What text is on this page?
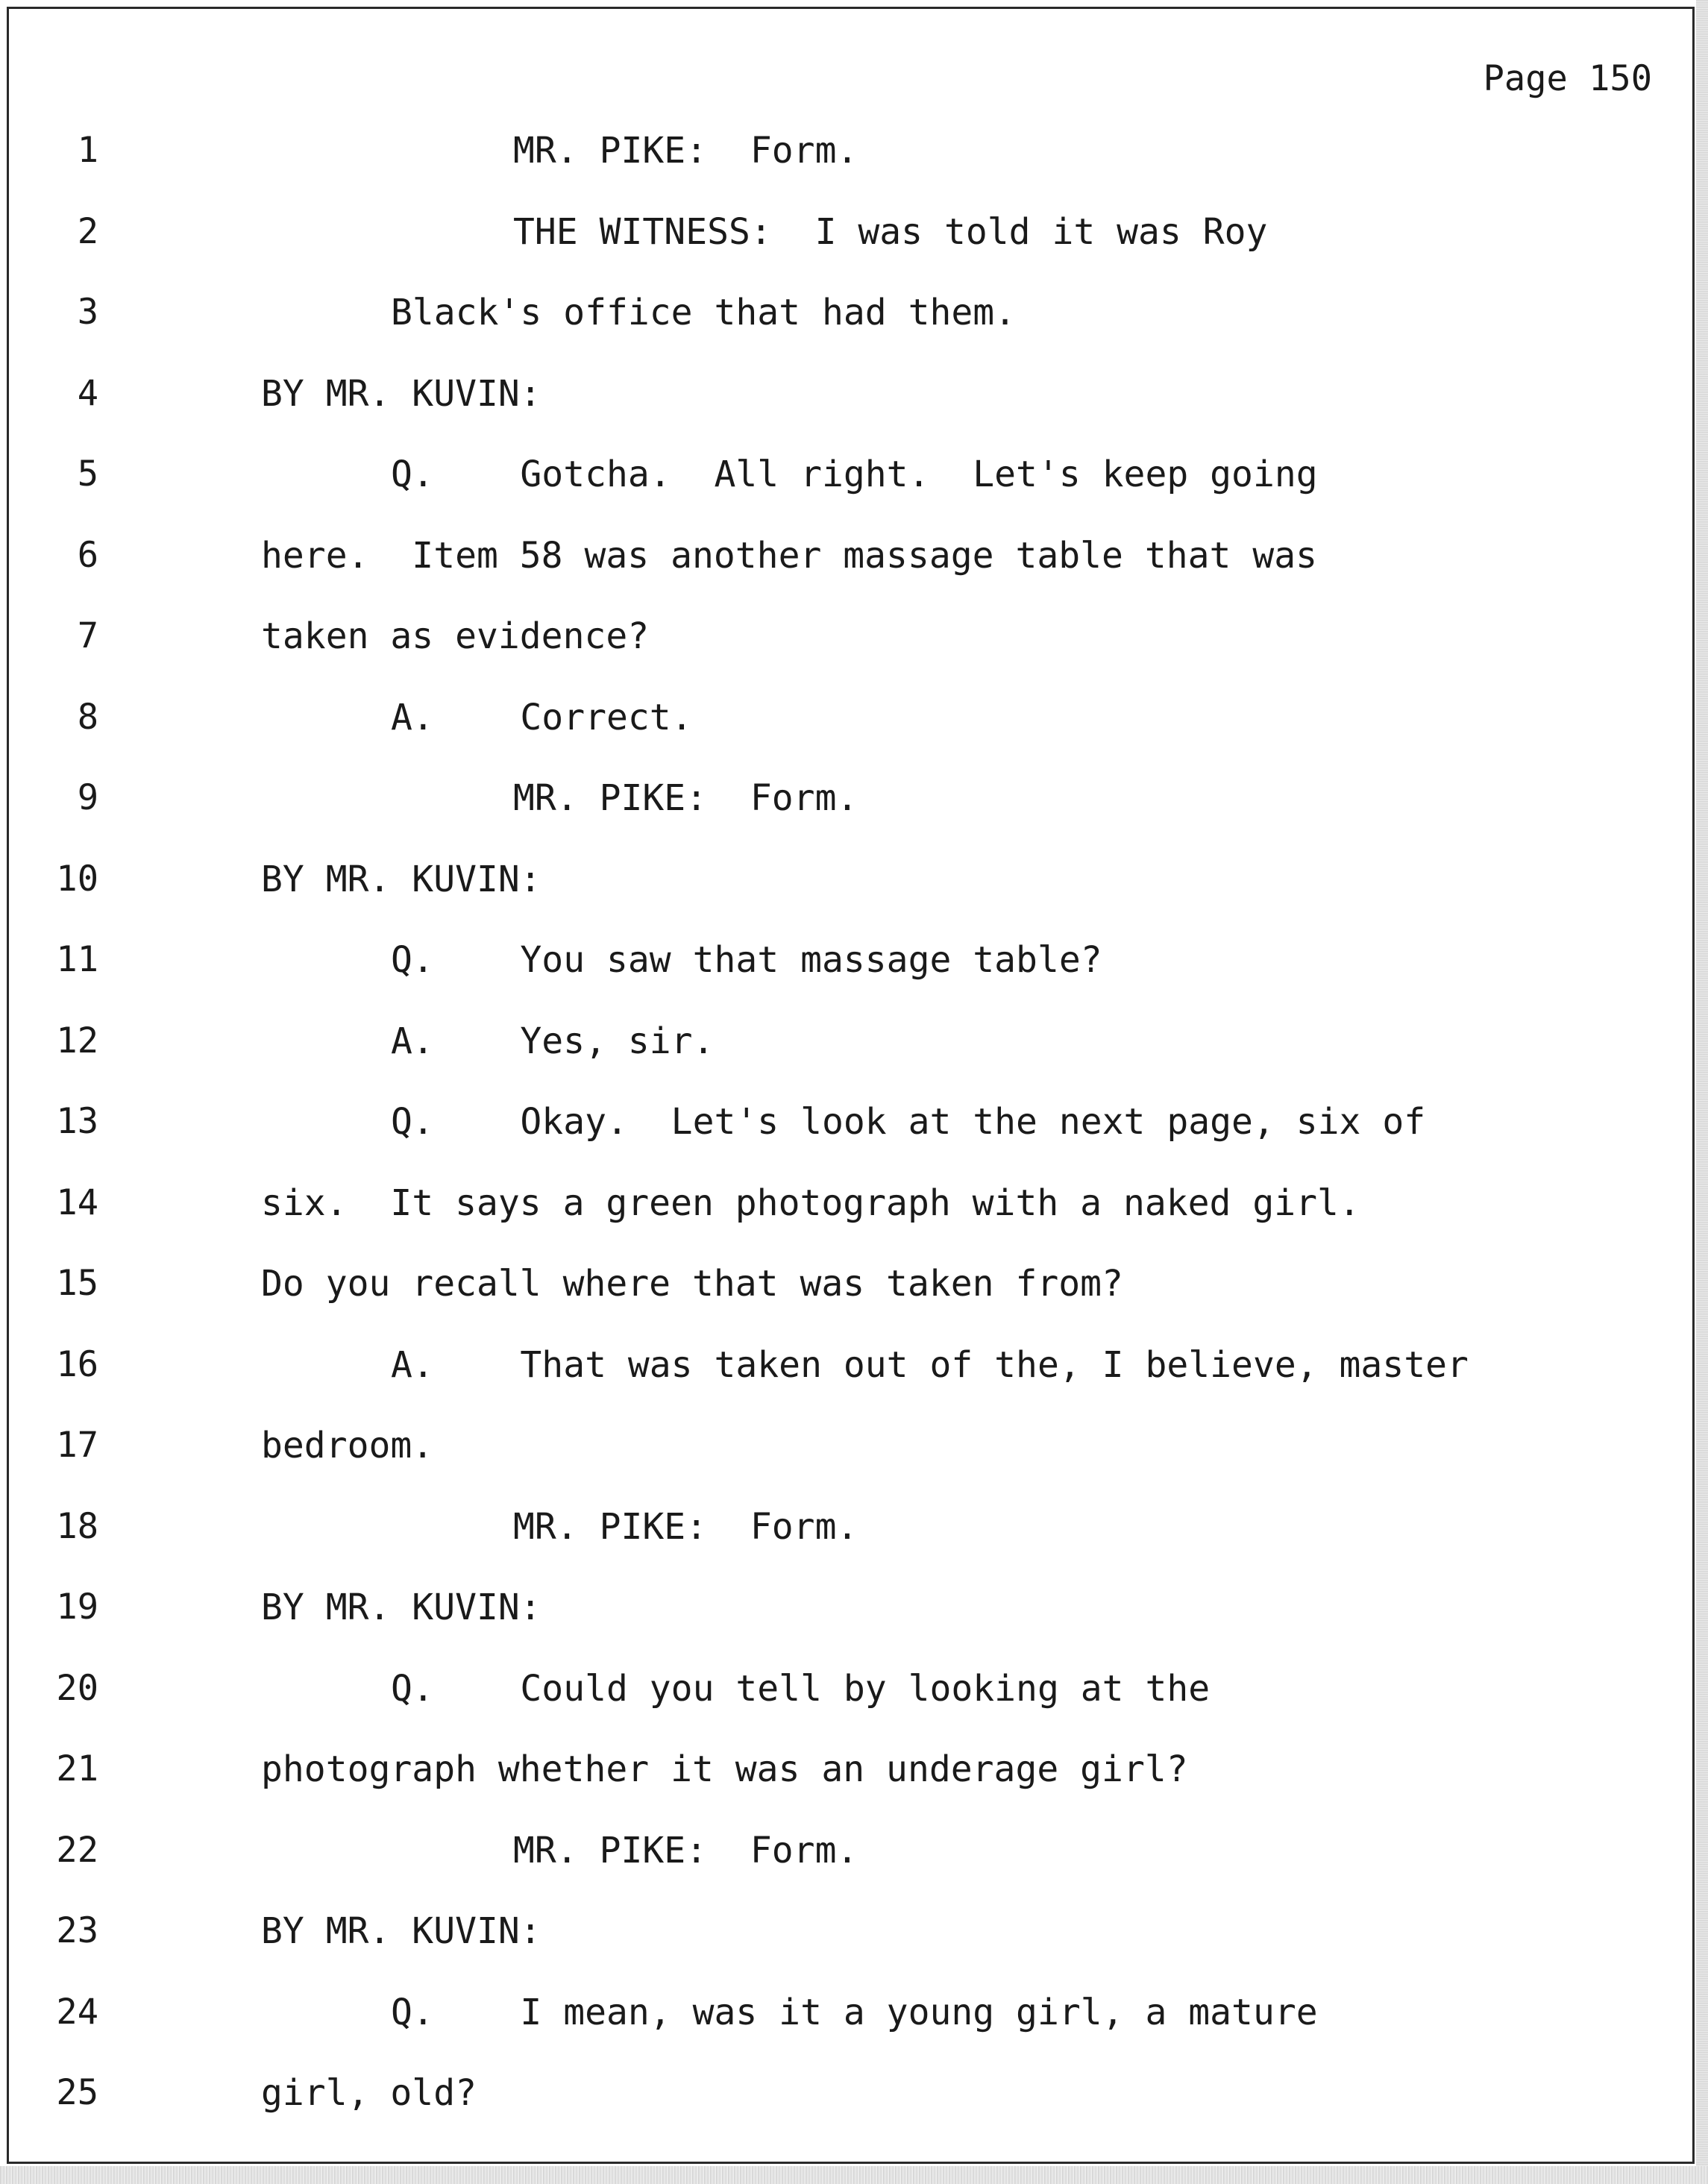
Page 150
1	MR. PIKE:  Form.
2	THE WITNESS:  I was told it was Roy
3	Black's office that had them.
4	BY MR. KUVIN:
5	Q.    Gotcha.  All right.  Let's keep going
6	here.  Item 58 was another massage table that was
7	taken as evidence?
8	A.    Correct.
9	MR. PIKE:  Form.
10	BY MR. KUVIN:
11	Q.    You saw that massage table?
12	A.    Yes, sir.
13	Q.    Okay.  Let's look at the next page, six of
14	six.  It says a green photograph with a naked girl.
15	Do you recall where that was taken from?
16	A.    That was taken out of the, I believe, master
17	bedroom.
18	MR. PIKE:  Form.
19	BY MR. KUVIN:
20	Q.    Could you tell by looking at the
21	photograph whether it was an underage girl?
22	MR. PIKE:  Form.
23	BY MR. KUVIN:
24	Q.    I mean, was it a young girl, a mature
25	girl, old?
